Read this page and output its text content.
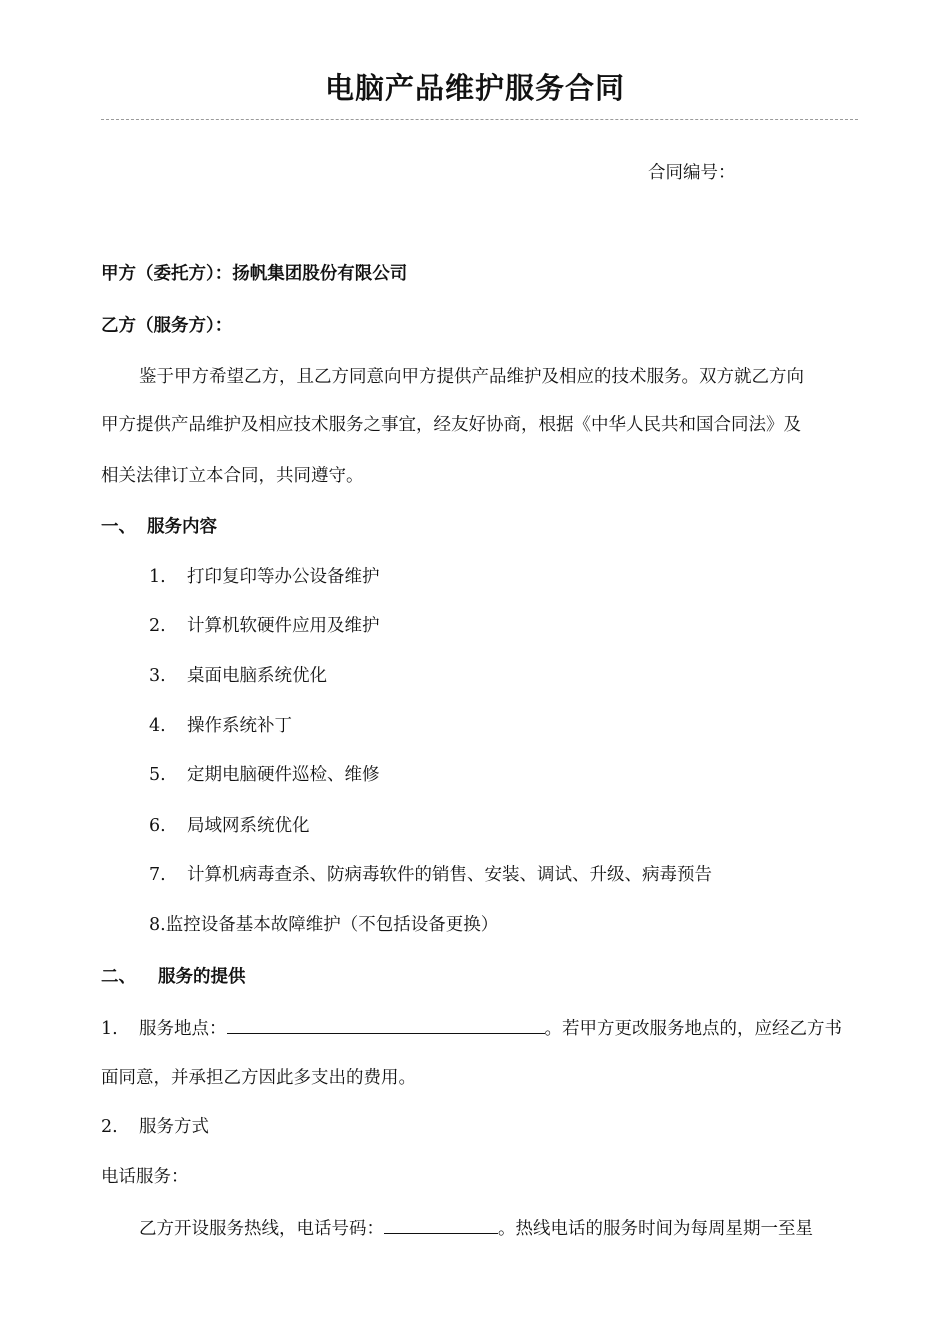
电脑产品维护服务合同
合同编号：
甲方（委托方）：扬帆集团股份有限公司
乙方（服务方）：
鉴于甲方希望乙方，且乙方同意向甲方提供产品维护及相应的技术服务。双方就乙方向
甲方提供产品维护及相应技术服务之事宜，经友好协商，根据《中华人民共和国合同法》及
相关法律订立本合同，共同遵守。
一、 服务内容
1. 打印复印等办公设备维护
2. 计算机软硬件应用及维护
3. 桌面电脑系统优化
4. 操作系统补丁
5. 定期电脑硬件巡检、维修
6. 局域网系统优化
7. 计算机病毒查杀、防病毒软件的销售、安装、调试、升级、病毒预告
8.监控设备基本故障维护（不包括设备更换）
二、 服务的提供
1. 服务地点：	。若甲方更改服务地点的，应经乙方书
面同意，并承担乙方因此多支出的费用。
2. 服务方式
电话服务：
乙方开设服务热线，电话号码：	。热线电话的服务时间为每周星期一至星
